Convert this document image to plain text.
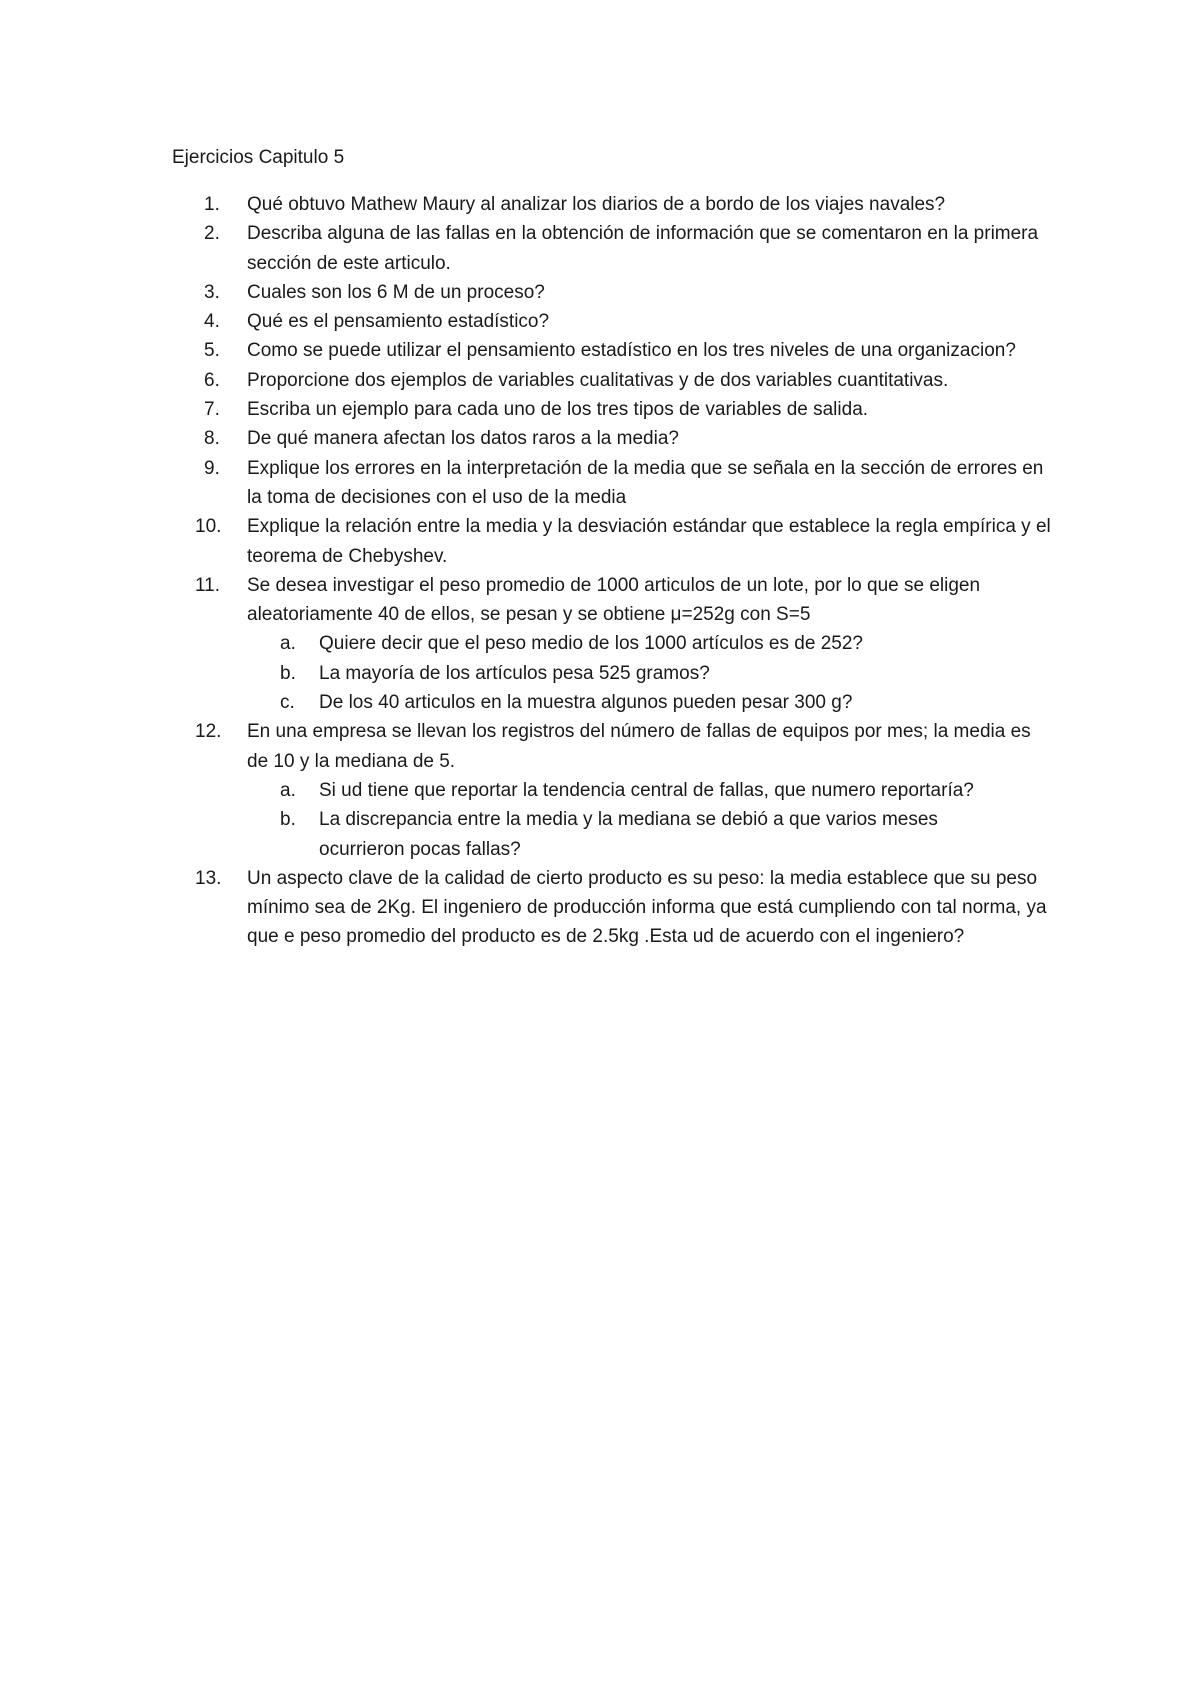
Ejercicios Capitulo 5
1.	Qué obtuvo Mathew Maury al analizar los diarios de a bordo de los viajes navales?
2.	Describa alguna de las fallas en la obtención de información que se comentaron en la primera sección de este articulo.
3.	Cuales son los 6 M de un proceso?
4.	Qué es el pensamiento estadístico?
5.	Como se puede utilizar el pensamiento estadístico en los tres niveles de una organizacion?
6.	Proporcione dos ejemplos de variables cualitativas y de dos variables cuantitativas.
7.	Escriba un ejemplo para cada uno de los tres tipos de variables de salida.
8.	De qué manera afectan los datos raros a la media?
9.	Explique los errores en la interpretación de la media que se señala en la sección de errores en la toma de decisiones con el uso de la media
10.	Explique la relación entre la media y la desviación estándar que establece la regla empírica y el teorema de Chebyshev.
11.	Se desea investigar el peso promedio de 1000 articulos de un lote, por lo que se eligen aleatoriamente 40 de ellos, se pesan y se obtiene μ=252g con S=5
a. Quiere decir que el peso medio de los 1000 artículos es de 252?
b. La mayoría de los artículos pesa 525 gramos?
c. De los 40 articulos en la muestra algunos pueden pesar 300 g?
12.	En una empresa se llevan los registros del número de fallas de equipos por mes; la media es de 10 y la mediana de 5.
a. Si ud tiene que reportar la tendencia central de fallas, que numero reportaría?
b. La discrepancia entre la media y la mediana se debió a que varios meses ocurrieron pocas fallas?
13.	Un aspecto clave de la calidad de cierto producto es su peso: la media establece que su peso mínimo sea de 2Kg. El ingeniero de producción informa que está cumpliendo con tal norma, ya que e peso promedio del producto es de 2.5kg .Esta ud de acuerdo con el ingeniero?
